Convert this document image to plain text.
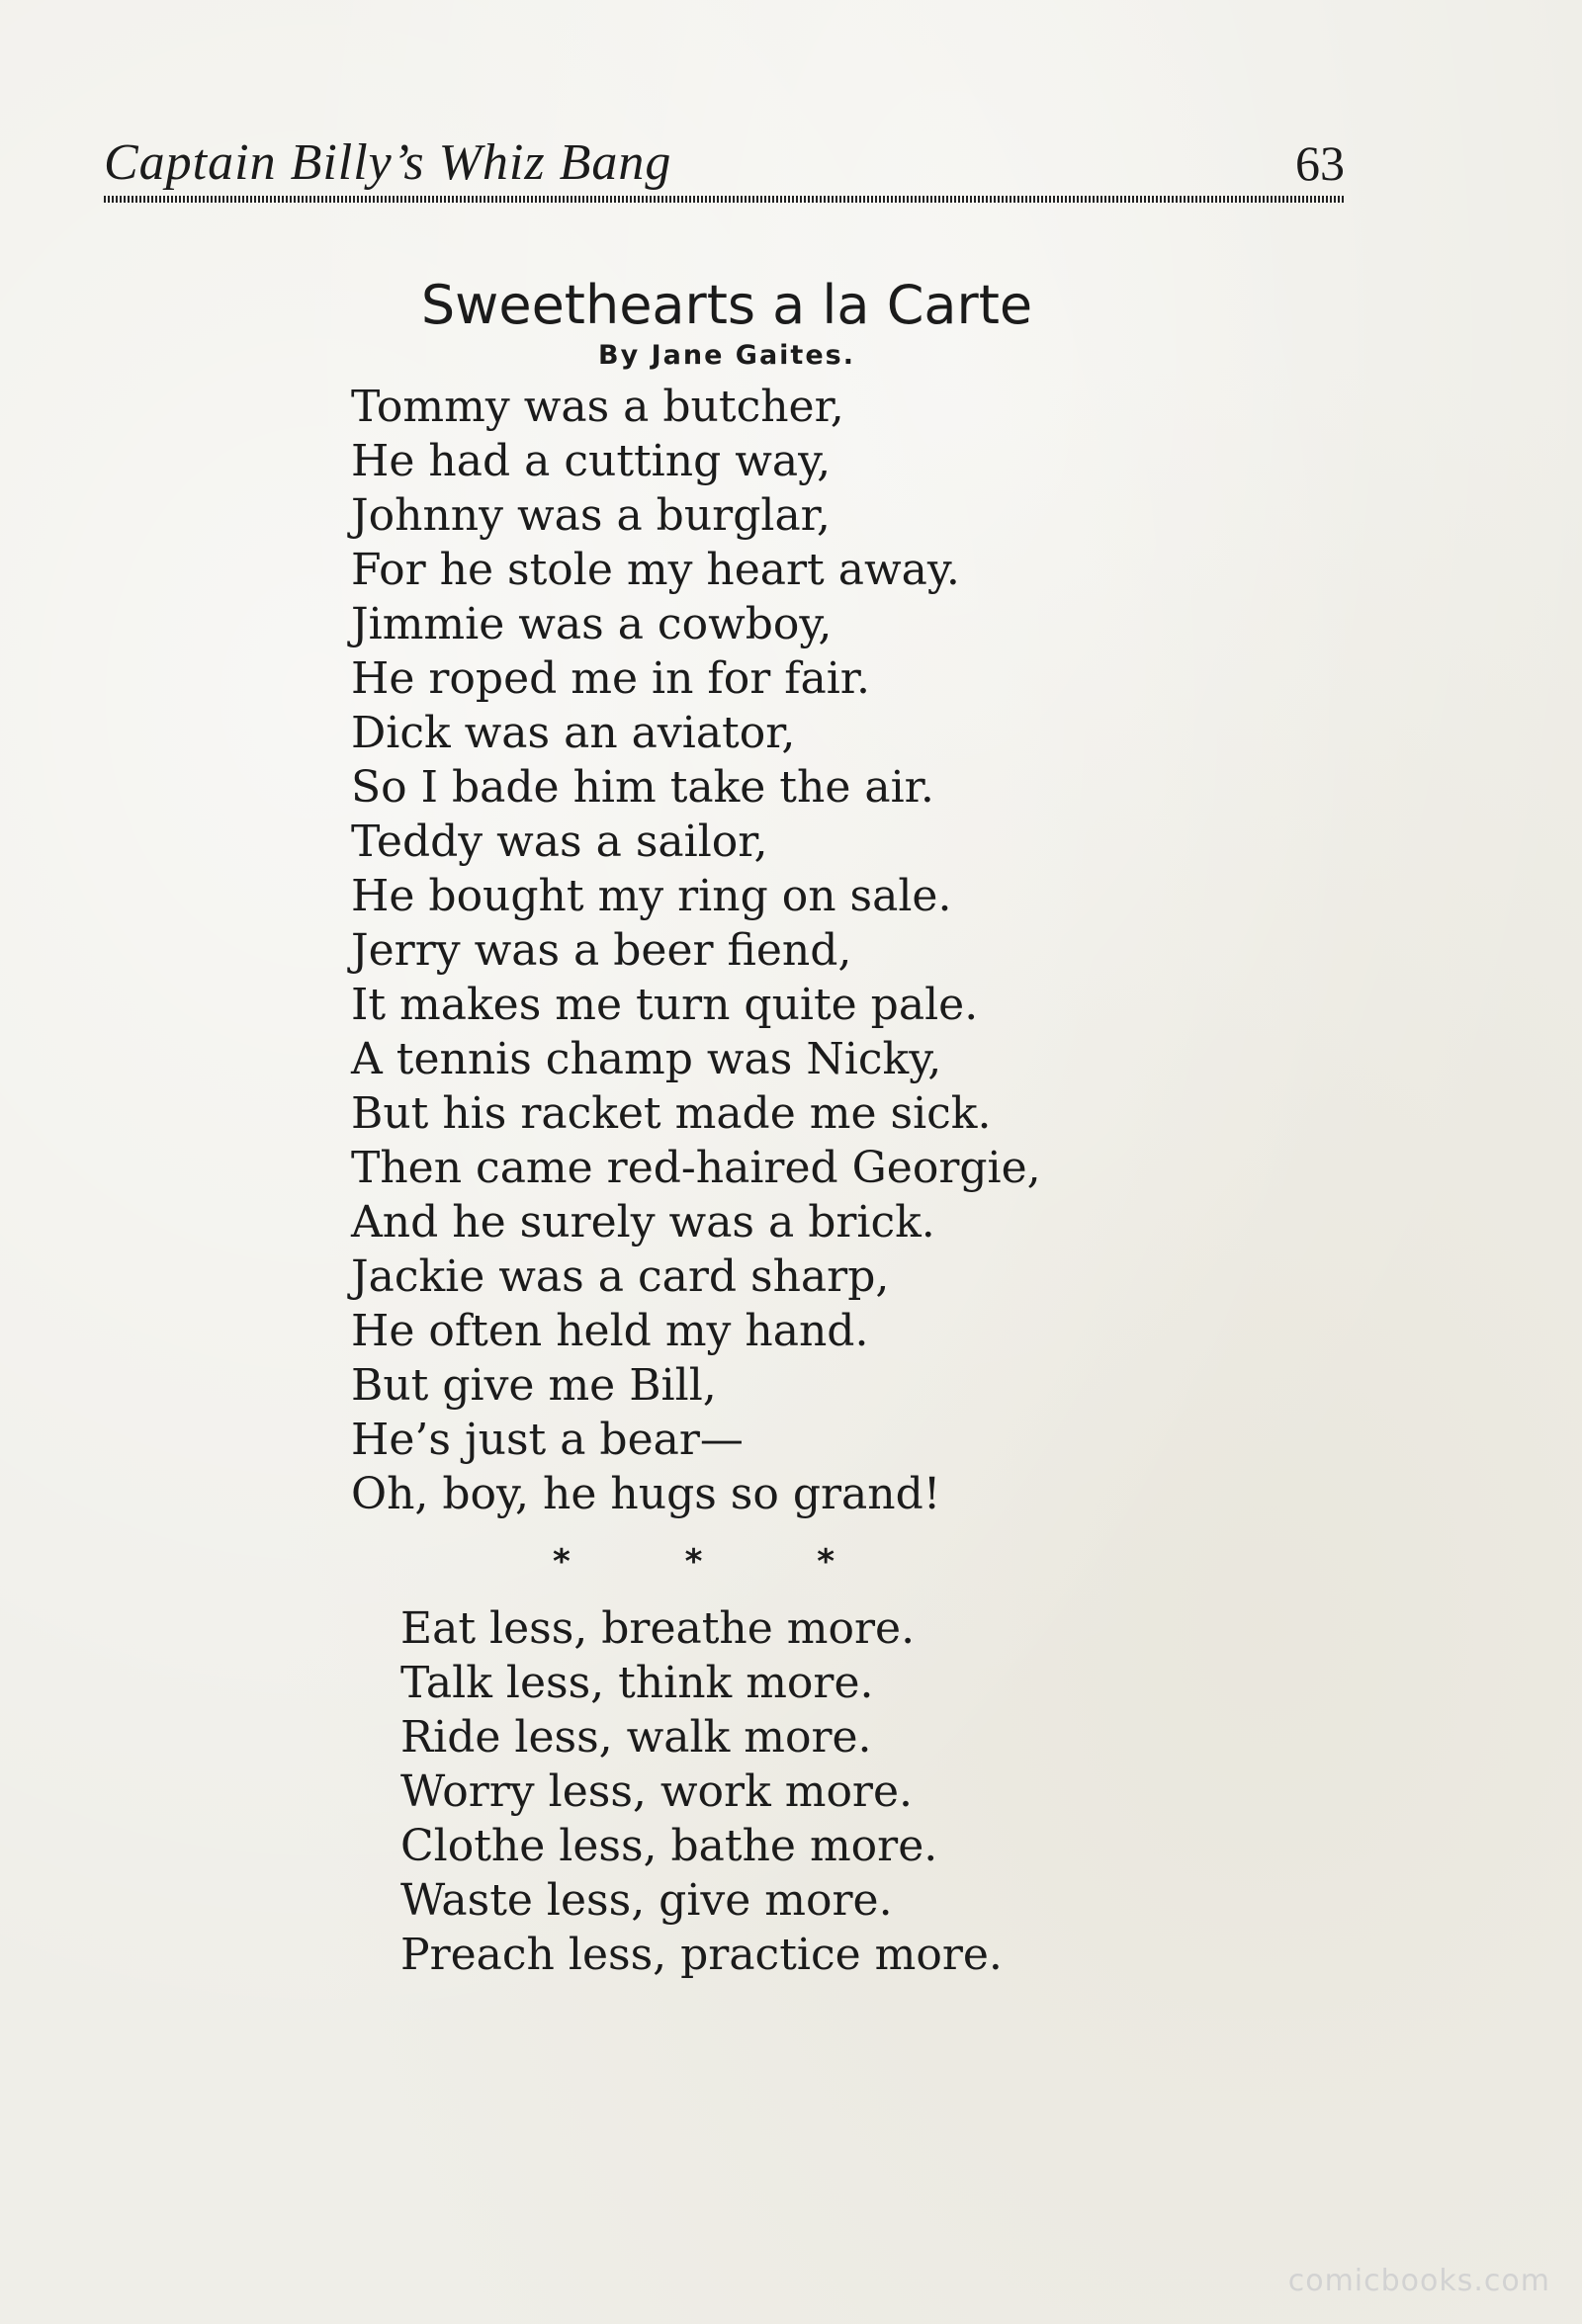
Captain Billy’s Whiz Bang	63
Sweethearts a la Carte
By Jane Gaites.
Tommy was a butcher,
He had a cutting way,
Johnny was a burglar,
For he stole my heart away.
Jimmie was a cowboy,
He roped me in for fair.
Dick was an aviator,
So I bade him take the air.
Teddy was a sailor,
He bought my ring on sale.
Jerry was a beer fiend,
It makes me turn quite pale.
A tennis champ was Nicky,
But his racket made me sick.
Then came red-haired Georgie,
And he surely was a brick.
Jackie was a card sharp,
He often held my hand.
But give me Bill,
He’s just a bear—
Oh, boy, he hugs so grand!
* * *
Eat less, breathe more.
Talk less, think more.
Ride less, walk more.
Worry less, work more.
Clothe less, bathe more.
Waste less, give more.
Preach less, practice more.
comicbooks.com
